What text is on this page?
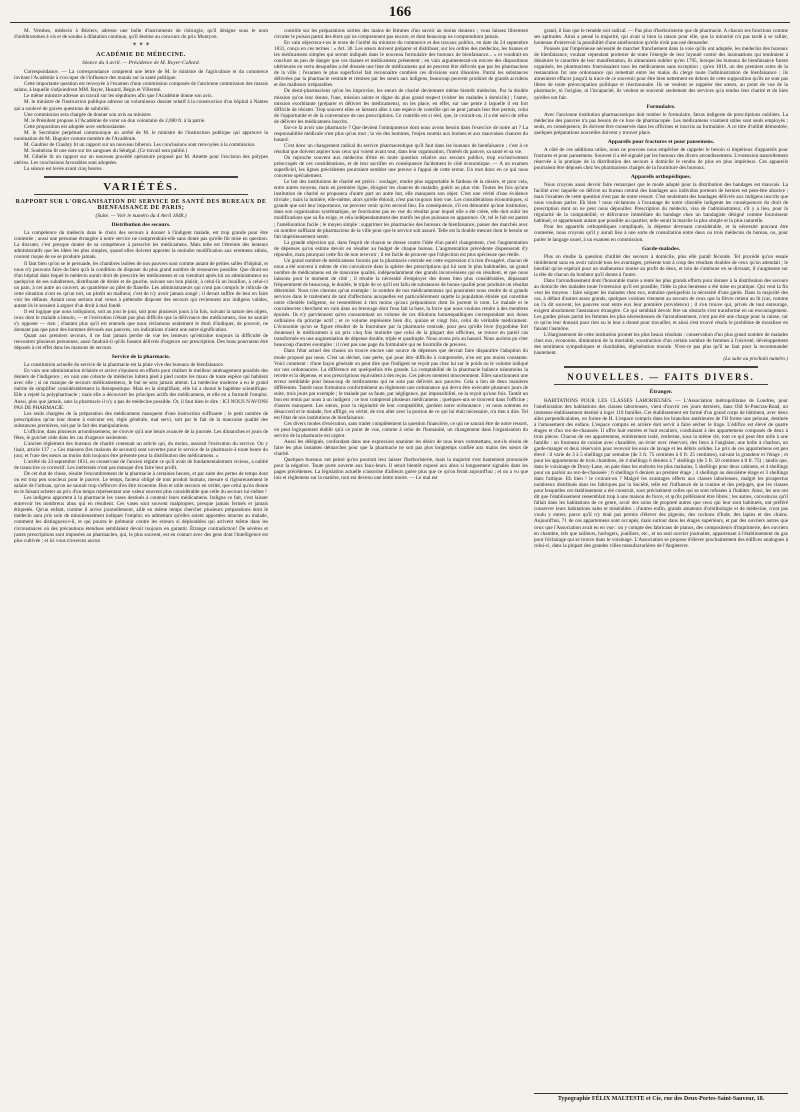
166

M. Vernhes, médecin à Béziers, adresse une boîte d'instruments de chirurgie, qu'il désigne sous le nom d'uréthrotomes à vis et de sondes à dilatation continue, qu'il destine au concours du prix Montyon.

⁕ ⁕ ⁕
ACADÉMIE DE MÉDECINE.
Séance du 4 avril. — Présidence de M. Royer-Collard.

Correspondance. — La correspondance comprend une lettre de M. le ministre de l'agriculture et du commerce invitant l'Académie à s'occuper de l'influence des marais sur la santé publique.

Cette importante question est renvoyée à l'examen d'une commission composée de l'ancienne commission des marais salans, à laquelle s'adjoindront MM. Rayer, Huzard, Bégin et Villermé.

Le même ministre adresse un travail sur les sépultures afin que l'Académie donne son avis.

M. le ministre de l'instruction publique adresse un volumineux dossier relatif à la construction d'un hôpital à Nantes qui a soulevé de graves questions de salubrité.

Une commission sera chargée de donner son avis au ministre.

M. le Président propose à l'Académie de voter un don volontaire de 2,000 fr. à la patrie.

Cette proposition est adoptée avec enthousiasme.

M. le Secrétaire perpétuel communique un arrêté de M. le ministre de l'instruction publique qui approuve la nomination de M. Huguier comme membre de l'Académie.

M. Gaultier de Claubry lit un rapport sur un nouveau biberon. Les conclusions sont renvoyées à la commission.

M. Soubeiran lit une note sur les sangsues du Sénégal. (Ce travail sera publié.)

M. Gibelle lit un rapport sur un nouveau procédé opératoire proposé par M. Amette pour l'excision des polypes utérins. Les conclusions favorables sont adoptées.

La séance est levée avant cinq heures.

VARIÉTÉS.
RAPPORT SUR L'ORGANISATION DU SERVICE DE SANTÉ DES BUREAUX DE BIENFAISANCE DE PARIS;
(Suite. — Voir le numéro du 4 Avril 1848.)
Distribution des secours.

La compétence du médecin dans le choix des secours à donner à l'indigent malade, est trop grande pour être contestée ; aussi une personne étrangère à notre service ne comprendrait-elle sans doute pas qu'elle fût mise en question. La discuter, c'est presque douter de sa compétence à prescrire les médicamens. Mais telle est l'étreinte des lenteurs administratifs que les idées les plus simples, quand elles doivent apporter la moindre modification aux erremens admis, courent risque de ne se produire jamais.

Il faut bien qu'on se le persuade, les chambres isolées de nos pauvres sont comme autant de petites salles d'hôpital, et nous n'y pouvons faire du bien qu'à la condition de disposer du plus grand nombre de ressources possible. Que dirait-on d'un hôpital dans lequel le médecin aurait droit de prescrire les médicamens et où viendrait après lui un administrateur ou quelqu'un de ses subalternes, distribuant de droite et de gauche, suivant son bon plaisir, à celui-là un bouillon, à celui-ci un pain, à cet autre un couvert, au quatrième un pilet de flanelle. Les administrateurs qui n'ont pas compris le ridicule de cette situation n'ont eu qu'un tort, un plutôt un malheur, c'est de n'y avoir jamais songé ; il devait suffire de leur en faire voir les défauts. Autant nous serions mal venus à prétendre disposer des secours qui reviennent aux indigens valides, autant ils le seraient à arguer d'un droit à mal fondé.

Il est logique que nous indiquions, soit au jour le jour, soit pour plusieurs jours à la fois, suivant la nature des objets, ceux dont le malade a besoin, — et l'exécution n'étant pas plus difficile que la délivrance des médicamens, rien ne saurait s'y opposer — rien ; d'autant plus qu'il est entendu que nous réclamons seulement le droit d'indiquer, de pouvoir, ne donnant pas que pour des hommes dévoués aux pauvres, ces indications n'aient une autre signification.

Quant aux premiers secours, il ne faut jamais perdre de vue les lenteurs qu'entraîne toujours la difficulté de rencontrer plusieurs personnes; aussi faudrait-il qu'ils fussent délivrés d'urgence sur prescription. Des bons pourraient être déposés à cet effet dans les maisons de secours.

Service de la pharmacie.

La constitution actuelle du service de la pharmacie est la plaie vive des bureaux de bienfaisance.

En vain une administration éclairée et active s'épuisera en efforts pour réaliser le meilleur aménagement possible des deniers de l'indigence ; en vain une cohorte de médecins luttera pied à pied contre les maux de toute espèce qui habitent avec elle ; si on manque de secours médicamenteux, le but ne sera jamais atteint. La médecine moderne a eu le grand mérite de simplifier considérablement la thérapeutique. Mais en la simplifiant, elle lui a donné le baptême scientifique. Elle a rejeté la polypharmacie ; mais elle a découvert les principes actifs des médicamens, et elle en a formulé l'emploi. Aussi, plus que jamais, sans la pharmacie il n'y a pas de médecine possible. Or, il faut bien le dire : ICI NOUS N'AVONS PAS DE PHARMACIE.

Les seuls chargées de la préparation des médicamens manquent d'une instruction suffisante ; le petit nombre de prescriptions qu'on leur donne à exécuter est, règle générale, mal servi, soit par le fait de la mauvaise qualité des substances premières, soit par le fait des manipulations.

L'officine, dans plusieurs arrondissemens, ne s'ouvre qu'à une heure avancée de la journée. Les dimanches et jours de fêtes, le guichet cède dans les cas d'urgence seulement.

L'ancien règlement des bureaux de charité contenait un article qui, du moins, assurait l'exécution du service. On y lisait, article 137 : « Ces maisons (les maisons de secours) sont ouvertes pour le service de la pharmacie à toute heure du jour, et l'une des sœurs au moins doit toujours être présente pour la distribution des médicamens. »

L'arrêté du 24 septembre 1831, en conservant de l'ancien régime ce qu'il avait de fondamentalement vicieux, a oublié de transcrire ce correctif. Les intéressés n'ont pas manqué d'en faire leur profit.

De cet état de chose, résulte l'encombrement de la pharmacie à certaines heures, et par suite des pertes de temps dont on est trop peu soucieux pour le pauvre. Le temps, facteur obligé de tout produit humain, mesure si rigoureusement le salaire de l'artisan, qu'on ne saurait trop s'efforcer d'en être économe. Bon et utile secours en vérité, que celui qu'on donne en le faisant acheter au prix d'un temps représentant une valeur souvent plus considérable que celle du secours lui-même !

Les indigens apportent à la pharmacie les vases destinés à contenir leurs médicamens. Indigne ce fait, c'est laisser entrevoir les nombreux abus qui en résultent. Ces vases sont souvent malpropres, presque jamais fermés et jamais étiquetés. Qu'un enfant, comme il arrive journellement, aille en même temps chercher plusieurs préparations dont le médecin aura pris soin de minutieusement indiquer l'emploi; en admettant qu'elles soient apportées intactes au malade, comment les distinguera-t-il, et qui pourra le prémunir contre les erreurs si déplorables qui arrivent même dans les circonstances où des précautions étendues semblaient devoir toujours en garantir. Étrange contradiction! De sévères et justes prescriptions sont imposées au pharmacien, qui, le plus souvent, est en contact avec des gens dont l'intelligence est plus cultivée ; et ici vous n'exercez aucun

contrôle sur les préparations sorties des mains de femmes d'un savoir au moins douteux ; vous laissez librement circuler le poison parmi des êtres qui ne comprennent pas encore, et dont beaucoup ne comprendront jamais.

En vain objectera-t-on le texte de l'arrêté du ministre du commerce et des travaux publics, en date du 24 septembre 1831, conçu en ces termes : « Art. 30. Les sœurs doivent préparer et distribuer, sur les ordres des médecins, les tisanes et les médicamens simples qui seront indiqués dans le nouveau formulaire des bureaux de bienfaisance... » et voudrait-on conclure au peu de danger que ces tisanes et médicamens présentent ; en vain argumenterait-on encore des dispositions ultérieures en vertu desquelles a été dressée une liste de médicamens qui ne peuvent être délivrés que par les pharmaciens de la ville ; l'examen le plus superficiel fait reconnaître combien ces divisions sont illusoires. Parmi les substances délivrées par la pharmacie centrale et remises par les sœurs aux indigens, beaucoup peuvent produire de grands accidens et des malheurs irréparables.

De demi-pharmaciens qu'on les improvise, les sœurs de charité deviennent même bientôt médecins. Par la double mission qu'on leur donne, l'une, mission sainte et digne du plus grand respect (visiter les malades à domicile) ; l'autre, mission exorbitante (préparer et délivrer les médicamens), on les place, en effet, sur une pente à laquelle il est fort difficile de résister. Trop souvent elles se laissent aller à une espèce de contrôle qui ne peut jamais leur être permis, celui de l'opportunité et de la convenance de nos prescriptions. Ce contrôle est si réel, que, le croirait-on, il a été suivi de refus de délivrer les médicamens inscrits.

Est-ce là avoir une pharmacie ? Que devient l'omnipotence dont nous avons besoin dans l'exercice de notre art ? La responsabilité médicale n'est plus qu'un mot ; la vie des hommes, l'enjeu soumis aux bonnes et aux mauvaises chances du hasard.

C'est donc un changement radical du service pharmaceutique qu'il faut dans les bureaux de bienfaisance ; c'est à ce résultat que doivent aspirer tous ceux qui voient avant tout, dans leur organisation, l'intérêt du pauvre, sa santé et sa vie.

On reproche souvent aux médecins d'être en toute question relative aux secours publics, trop exclusivement préoccupés de ces considérations, et de leur sacrifier en conséquence facilement le côté économique. — A un examen superficiel, les lignes précédentes pourraient sembler une preuve à l'appui de cette erreur. Un mot donc en ce qui nous concerne spécialement.

Le but des institutions de charité est précis : soulager, rendre plus supportable le fardeau de la misère, et pour cela, entre autres moyens, mais en première ligne, éloigner les chances de maladie, guérir au plus vite. Toutes les fois qu'une institution de charité se proposera d'autre part un autre but, elle manquera son objet. C'est une vérité d'une évidence triviale ; mais la lumière, elle-même, alors qu'elle éblouit, n'est pas toujours bien vue. Les considérations économiques, si grande que soit leur importance, ne peuvent venir qu'en second lieu. En conséquence, s'il est démontré qu'une institution, dans son organisation systématique, ne fonctionne pas en vue du résultat pour lequel elle a été créée, elle doit subir les modifications que sa fin exige, et cela indépendamment des motifs les plus puissans en apparence. Or, tel le fait est patent ; l'amélioration facile ; le moyen simple : supprimer les pharmacies des bureaux de bienfaisance, passer des marchés avec un nombre suffisant de pharmaciens de la ville pour que le service soit assuré. Telle est la double mesure dont le besoin se fait impérieusement sentir.

La grande objection qui, dans l'esprit de chacun se dresse contre l'idée d'un pareil changement, c'est l'augmentation de dépenses qu'on estime devoir en résulter au budget de chaque bureau. L'augmentation précédente dispenserait d'y répondre, mais pourquoi cette fin de non recevoir ; il est facile de prouver que l'objection est plus spécieuse que réelle.

Un grand nombre de médicamens fournis par la pharmacie centrale est cette expression n'a rien d'exagéré, chacun de nous a été souvent à même de s'en convaincre dans la sphère des prescriptions qui lui sont le plus habituelles, un grand nombre de médicamens est de mauvaise qualité, indépendamment des grands inconvéniens qui en résultent, et que nous laissons pour le moment de côté ; il résulte la nécessité d'employer des doses bien plus considérables, dépassant fréquemment de beaucoup, le double, le triple de ce qu'il est fallu de substances de bonne qualité pour produire un résultat déterminé. Nous n'en citerons qu'un exemple : le nombre de nos médicamentaux qui pourraient nous rendre de si grands services dans le traitement de tant d'affections auxquelles est particulièrement sujette la population étiolée qui constitue notre clientèle indigente, ne ressemblent à rien moins qu'aux préparations dont ils portent le nom. Le malade et le convalescent cherchent en vain dans un breuvage dont l'eau fait la base, la force que nous voulons rendre à des membres épuisés. Ils n'y parviennent qu'en consommant un volume de ces dilutions homæopathiques correspondant aux doses ordinaires du principe actif ; et ce volume représente bien dix, quinze et vingt fois, celui du véritable médicament. L'économie qu'on se figure résulter de la fourniture par la pharmacie centrale, pour peu qu'elle livre (hypothèse fort douteuse) le médicament à un prix cinq fois moindre que celui de la plupart des officines, se trouve en pareil cas transformée en une augmentation de dépense double, triple et quadruple. Nous avons pris au hasard. Nous aurions pu citer beaucoup d'autres exemples : il n'est pas une page du formulaire qui ne fourmille de preuves.

Dans l'état actuel des choses on trouve encore une source de dépenses que devrait faire disparaître l'adoption du mode proposé par nous. C'est un déchet, une perte, qui pour être difficile à comprendre, n'en est pas moins constante. Voici comment : d'une façon générale on peut dire que l'indigent ne reçoit pas chez lui sur le poids ou le volume indiqué sur nos ordonnances. La différence est quelquefois très grande. La comptabilité de la pharmacie balance néanmoins la recette et la dépense, et nos prescriptions équivalent à des reçus. Ces pièces mentent innocemment. Elles sanctionnent une erreur semblable pour beaucoup de médicamens qui ne sont pas délivrés aux pauvres. Cela a lieu de deux manières différentes. Tantôt nous formulons conformément au règlement une ordonnance qui devra être exécutée plusieurs jours de suite, trois jours par exemple ; le malade par sa faute, par négligence, par impossibilité, ne la reçoit qu'une fois. Tantôt un bon est remis par nous à un indigent ; ce bon comprend plusieurs médicamens ; quelques-uns se trouvent dans l'officine ; d'autres manquent. Les sœurs, pour la régularité de leur comptabilité, gardent notre ordonnance ; et nous sommes en désaccord et le malade, fort affligé, en vérité, de s'en aller avec la portion de ce qui lui était nécessaire, n'a rien à dire. Tel est l'état de nos institutions de bienfaisance.

Ces divers modes d'exécution, sans traiter complètement la question financière, ce qui ne saurait être de notre ressort, on peut logiquement établir qu'à ce point de vue, comme à celui de l'humanité, un changement dans l'organisation du service de la pharmacie est urgent.

Aussi les délégués, confondant dans une expression unanime les désirs de tous leurs commettans, ont-ils résolu de faire les plus instantes démarches pour que la pharmacie ne soit pas plus longtemps confiée aux mains des sœurs de charité.

Quelques bureaux ont pensé qu'on pourrait leur laisser l'herboristerie, mais la majorité s'est hautement prononcée pour la négative. Toute porte ouverte aux faux-leurs. Il serait bientôt exposé aux abus si longuement signalés dans les pages précédentes. La législation actuelle n'autorise d'ailleurs guère plus que ce qu'on ferait aujourd'hui ; et on a vu que lois et règlemens sur la matière, tout est devenu une lettre morte. — Le mal est

grand, il faut que le remède soit radical. — Pas plus d'herboristerie que de pharmacie. A chacun ses fonctions comme ses aptitudes. Ainsi a pensé la majorité, qui avait si bien la raison pour elle, que la minorité n'a pas tardé à se rallier, honteuse d'entrevoir la possibilité d'une amélioration qu'elle n'eût pas osé demander.

Poussés par l'impérieuse nécessité de marcher franchement dans la voie qu'ils ont adoptée, les médecins des bureaux de bienfaisance, voulant cependant protester de toute l'énergie de leur loyauté contre des insinuations qui tendraient à dénaturer le caractère de leur manifestation, ils aimeraient oublier qu'en 1795, lorsque les bureaux de bienfaisance furent organisés, les pharmaciens fournissaient tous les médicamens sans exception ; qu'en 1816, un des premiers actes de la restauration fut une ordonnance qui remettait entre les mains du clergé toute l'administration de bienfaisance ; ils aimeraient effacer jusqu'à la trace de ce souvenir pour être bien nettement en dehors de cette supposition qu'ils ne sont pas libres de toute préoccupation politique et réactionnaire. Ils ne veulent se rappeler des sœurs, au point de vue de la pharmacie, ni l'origine, ni l'incapacité, ils veulent se souvenir seulement des services qu'a rendus leur charité et du bien qu'elles ont fait.

Formulaire.

Avec l'ancienne institution pharmaceutique doit tomber le formulaire, fatras indigeste de prescriptions oubliées. La médecine des pauvres n'a pas besoin de ce luxe de pharmacopée. Les médicamens vraiment utiles sont seuls employés ; seuls, en conséquence, ils doivent être conservés dans les officines et inscrits au formulaire. A ce titre d'utilité démontrée, quelques préparations nouvelles doivent y trouver place.

Appareils pour fractures et pour pansemens.

A côté de ces additions utiles, nous ne pouvons nous empêcher de rappeler le besoin si impérieux d'appareils pour fractures et pour pansemens. Souvent il a été signalé par les bureaux des divers arrondissemens. L'extension naturellement réservée à la pratique de la distribution des secours à domicile le rendra de plus en plus impérieux. Ces appareils pourraient être déposés chez les pharmaciens chargés de la fourniture des bureaux.

Appareils orthopédiques.

Nous croyons aussi devoir faire remarquer que le mode adopté pour la distribution des bandages est mauvais. La facilité avec laquelle on délivre au bureau central des bandages aux individus porteurs de hernies est peut-être abusive ; mais l'examen de cette question n'est pas de notre ressort. C'est seulement des bandages délivrés aux indigens inscrits que nous voulons parler. Eh bien ! nous réclamons à l'avantage de notre clientèle indigente les conséquences du droit de prescription dont on ne peut nous dépouiller. Prescription du médecin, visa de l'administrateur, s'il y a lieu, pour la régularité de la comptabilité, et délivrance immédiate du bandage chez un bandagiste désigné comme fournisseur habituel, et appartenant autant que possible au quartier, telle serait la marche la plus simple et la plus naturelle.

Pour les appareils orthopédiques compliqués, la dépense devenant considérable, et la nécessité pouvant être contestée, nous croyons qu'il y aurait lieu à une sorte de consultation entre deux ou trois médecins du bureau, ou, pour parler le langage usuel, à un examen en commission.

Garde-malades.

Plus on étudie la question d'utilité des secours à domicile, plus elle paraît féconde. Tel procédé qu'on essaie timidement sans en avoir calculé tous les avantages, présente tout à coup des résultats doubles de ceux qu'on attendait ; le bienfait qu'on espérait pour un malheureux tourne au profit de deux, et loin de s'atténuer en se divisant, il s'augmente sur la tête de chacun du bonheur qu'il donne à l'autre.

Dans l'arrondissement dont l'honorable maire a tenté les plus grands efforts pour donner à la distribution des secours au domicile des malades toute l'extension qu'il est possible, l'idée la plus heureuse a été mise en pratique. Qui veut la fin veut les moyens : faire soigner les malades chez eux, entraîne quelquefois la nécessité d'une garde. Dans la majorité des cas, à défaut d'autres assez grands, quelques voisines viennent au secours de ceux que la fièvre retient au lit (car, comme on l'a dit souvent, les pauvres sont entre eux leur première providence) ; il s'en trouve qui, privés de tout entourage, exigent absolument l'assistance étrangère. Ce qui semblait devoir être un obstacle s'est transformé en un encouragement. Les gardes prises parmi les femmes les plus nécessiteuses de l'arrondissement, n'ont pas été une charge pour la caisse, car ce qu'on leur donnait pour rien ou le leur a donné pour travailler, et ainsi s'est trouvé résolu le problème de moraliser en faisant l'aumône.

L'élargissement de cette institution promet les plus beaux résultats : conservation d'un plus grand nombre de malades chez eux, économie, diminution de la mortalité, soustraction d'un certain nombre de femmes à l'oisiveté, développement des sentimens sympathiques et charitables, régénération morale. N'est-ce pas plus qu'il ne faut pour la recommander hautement.

(La suite au prochain numéro.)
NOUVELLES. — FAITS DIVERS.
Étranger.

HABITATIONS POUR LES CLASSES LABORIEUSES. — L'Association métropolitaine de Londres, pour l'amélioration des habitations des classes laborieuses, vient d'ouvrir ces jours derniers, dans Old St-Pancras-Road, un immense établissement destiné à loger 110 familles. Cet établissement est formé d'un grand corps de bâtiment, avec deux ailes perpendiculaires, en forme de H. L'espace compris dans les branches antérieures de l'H forme une pelouse, destinée à l'amusement des enfans. L'espace compris en arrière doit servir à faire sécher le linge. L'édifice est élevé de quatre étages et d'un rez-de-chaussée. Il offre huit entrées et huit escaliers, conduisant à des appartemens composés de deux à trois pièces. Chacun de ces appartemens, entièrement isolé, renferme, sous la même clé, tout ce qui peut être utile à une famille : un fourneau de cuisine avec chaudière, un évier avec réservoir, des lieux à l'anglaise, une boîte à charbon, un garde-manger et deux réservoirs pour recevoir les eaux de lavage et les débris solides. Le prix de ces appartemens est peu élevé : il varie de 3 à 5 shellings par semaine (de 3 fr. 75 centimes à 6 fr. 25 centimes), suivant la grandeur et l'étage ; et pour les appartemens de trois chambres, de 4 shellings 6 deniers à 7 shellings (de 5 fr. 50 centimes à 8 fr. 75) ; tandis que, dans le voisinage de Drury-Lane, on paie dans les endroits les plus malsains, 5 shellings pour deux cabinets, et 4 shellings pour un parloir au rez-de-chaussée ; 6 shellings 6 deniers au premier étage ; 4 shellings au deuxième étage et 3 shellings dans l'attique. Eh bien ! le croirait-on ? Malgré les avantages offerts aux classes laborieuses, malgré les prospectus nombreux distribués dans les fabriques par la Société, telle est l'influence de la routine et des préjugés, que les classes pour lesquelles cet établissement a été construit, sont précisément celles qui se sont refusées à l'habiter. Ainsi, les uns ont dit que l'établissement ressemblait trop à une maison de force, et qu'ils préféraient être libres ; les autres, convaincus qu'il fallait dans les habitations de ce genre, avoir des soins de propreté autres que ceux qui leur sont habituels, ont préféré conserver leurs habitations sales et misérables ; d'autres enfin, grands amateurs d'ornithologie et de médecine, n'ont pas voulu y entrer, parce qu'il n'y était pas permis d'élever des pigeons, des cochons d'Inde, des lapins et des chiens. Aujourd'hui, 71 de ces appartemens sont occupés, mais surtout dans les étages supérieurs, et par des ouvriers autres que ceux que l'Association avait eu en vue : on y compte des fabricans de pianos, des compositeurs d'imprimerie, des ouvriers en chambre, tels que tailleurs, horlogers, joailliers, etc., et un seul ouvrier journalier, appartenant à l'établissement du gaz pour l'éclairage qui se trouve dans le voisinage. L'Association se propose d'élever prochainement des édifices analogues à celui-ci, dans la plupart des grandes villes manufacturières de l'Angleterre.

Typographie FÉLIX MALTESTE et Cie, rue des Deux-Portes-Saint-Sauveur, 18.
